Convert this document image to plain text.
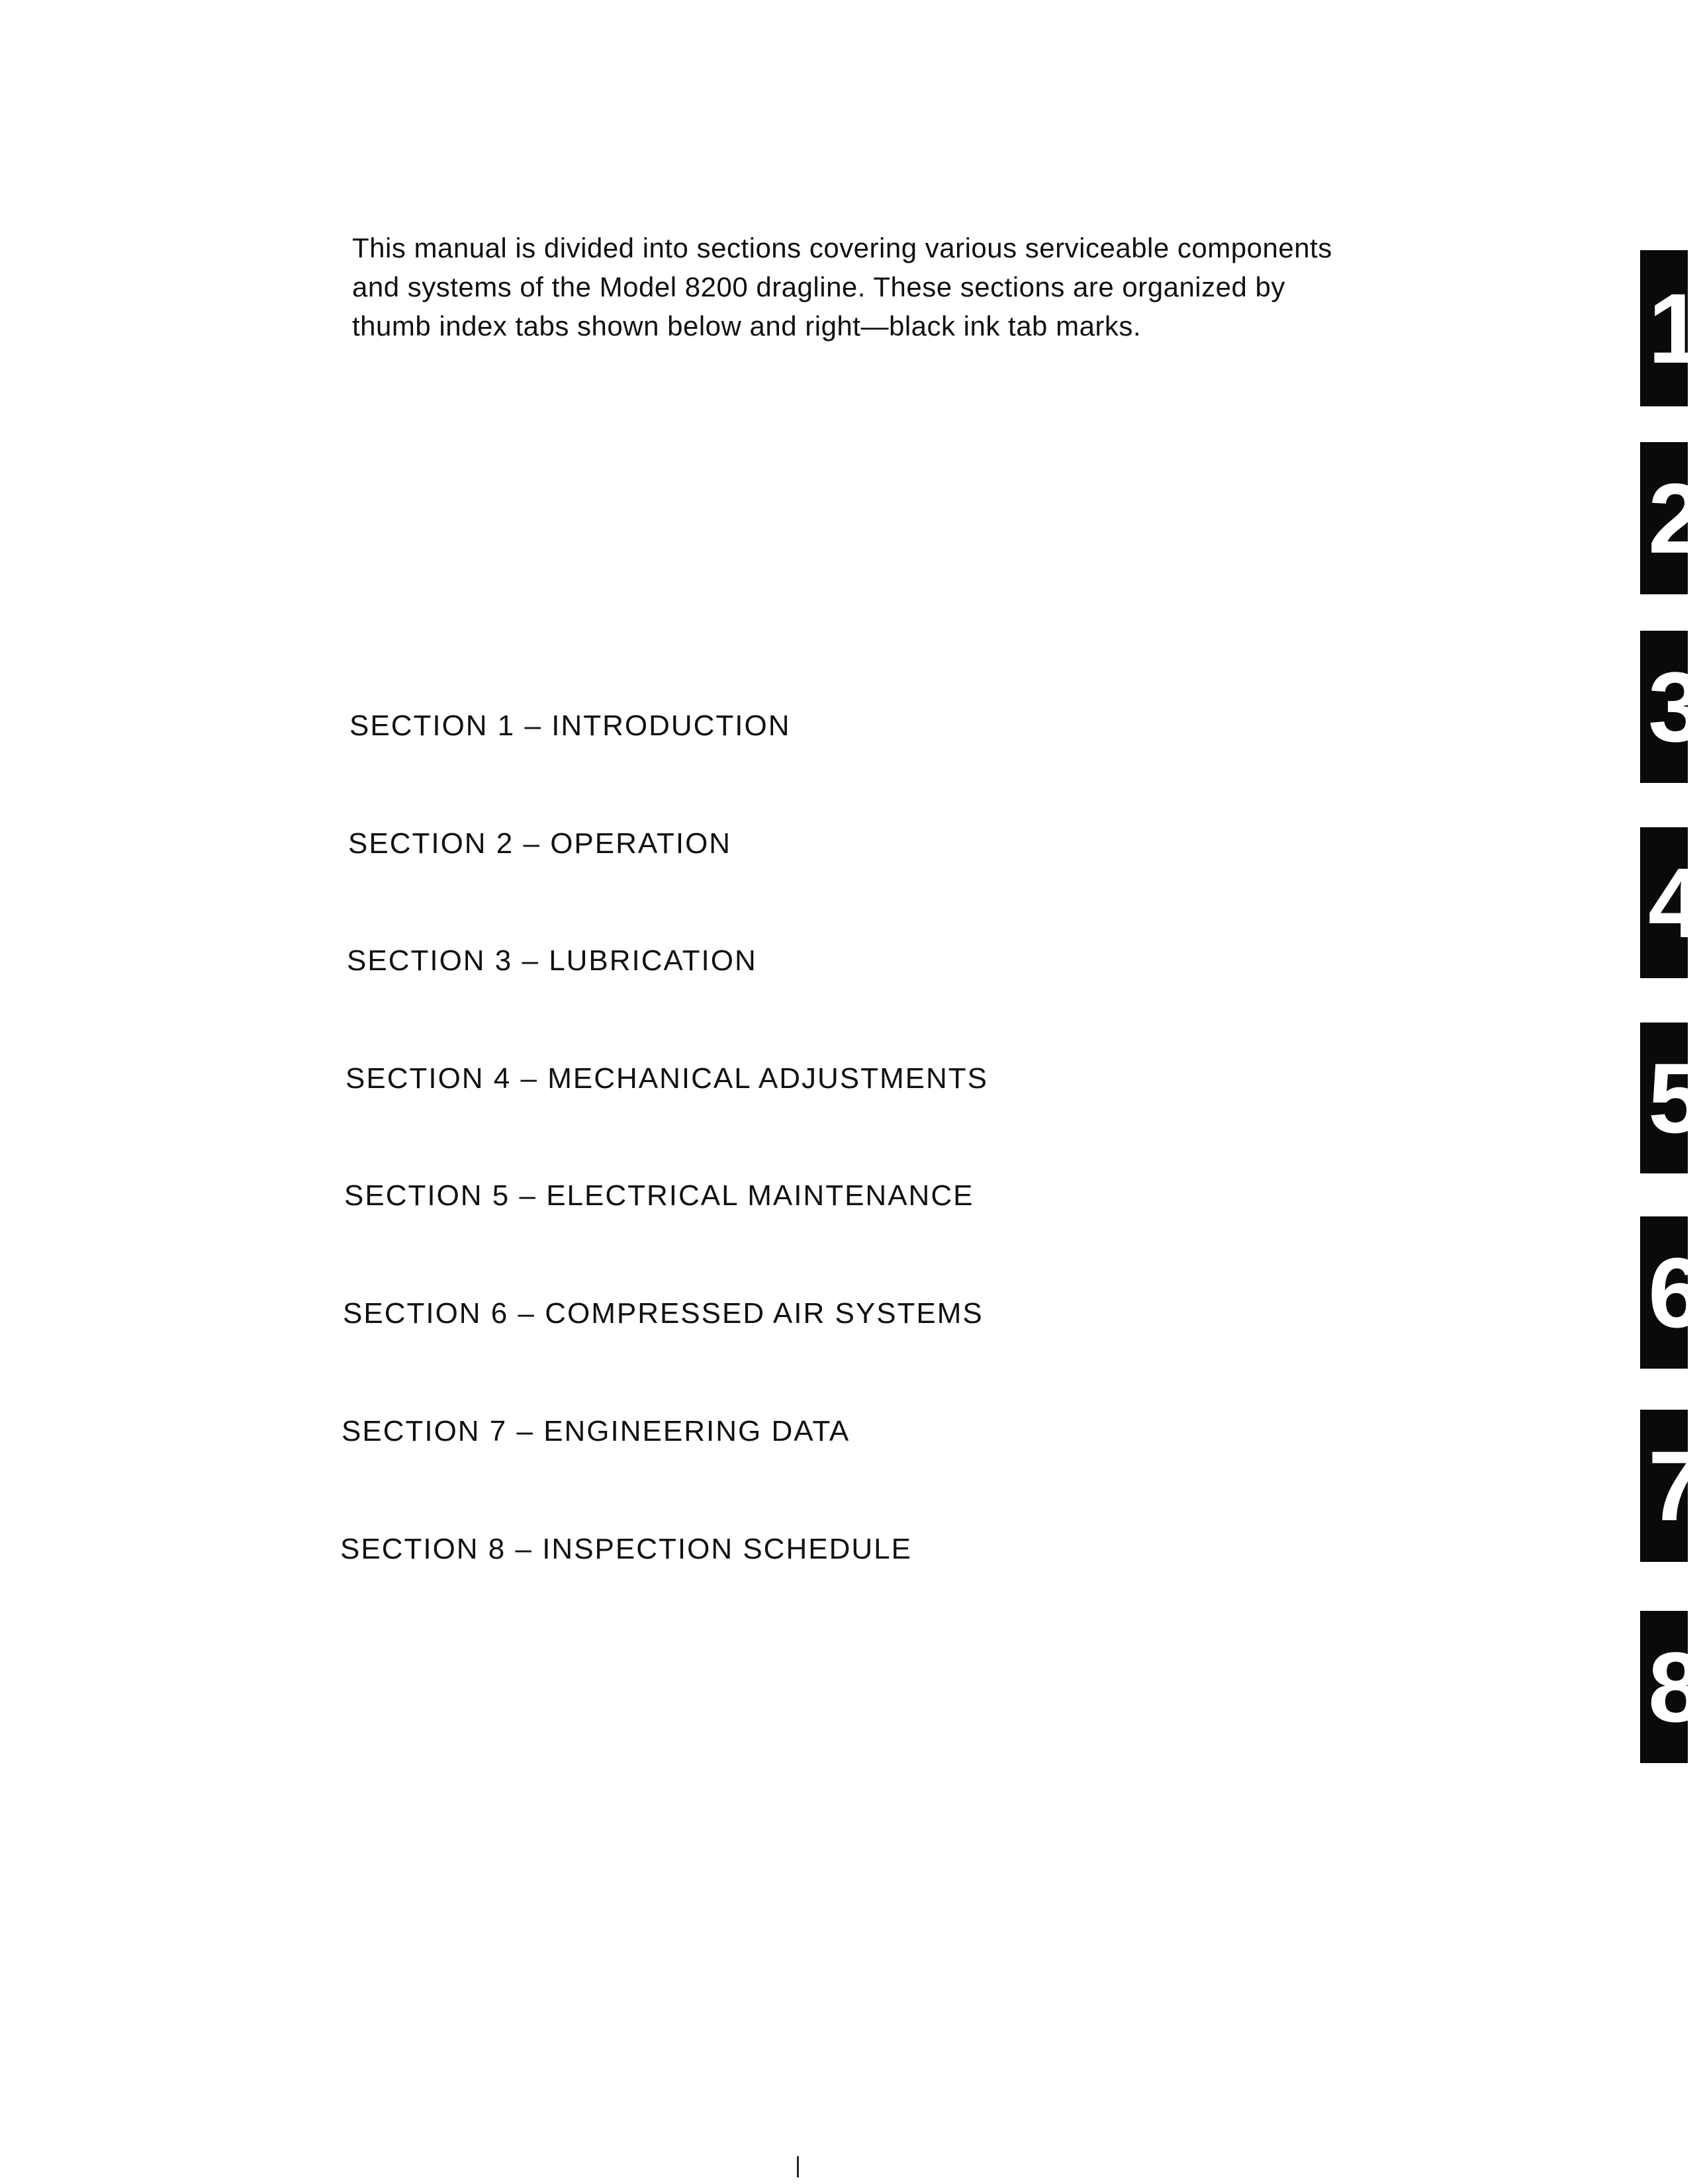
This manual is divided into sections covering various serviceable components
and systems of the Model 8200 dragline. These sections are organized by
thumb index tabs shown below and right—black ink tab marks.

SECTION 1 – INTRODUCTION
SECTION 2 – OPERATION
SECTION 3 – LUBRICATION
SECTION 4 – MECHANICAL ADJUSTMENTS
SECTION 5 – ELECTRICAL MAINTENANCE
SECTION 6 – COMPRESSED AIR SYSTEMS
SECTION 7 – ENGINEERING DATA
SECTION 8 – INSPECTION SCHEDULE
1
2
3
4
5
6
7
8
